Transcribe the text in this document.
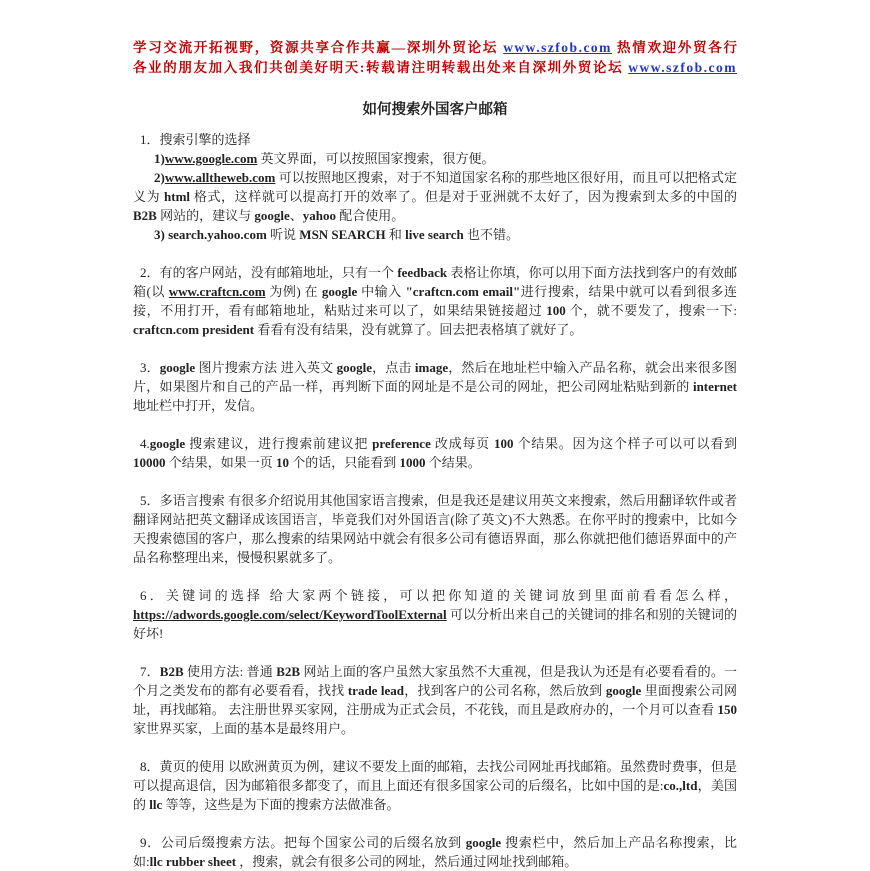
学习交流开拓视野，资源共享合作共赢—深圳外贸论坛 www.szfob.com 热情欢迎外贸各行

各业的朋友加入我们共创美好明天:转载请注明转载出处来自深圳外贸论坛 www.szfob.com

如何搜索外国客户邮箱

1．搜索引擎的选择

1)www.google.com 英文界面，可以按照国家搜索，很方便。

2)www.alltheweb.com 可以按照地区搜索，对于不知道国家名称的那些地区很好用，而且可以把格式定义为 html 格式，这样就可以提高打开的效率了。但是对于亚洲就不太好了，因为搜索到太多的中国的 B2B 网站的，建议与 google、yahoo 配合使用。

3) search.yahoo.com 听说 MSN SEARCH 和 live search 也不错。

2．有的客户网站，没有邮箱地址，只有一个 feedback 表格让你填，你可以用下面方法找到客户的有效邮箱(以 www.craftcn.com 为例) 在 google 中输入 "craftcn.com email"进行搜索，结果中就可以看到很多连接，不用打开，看有邮箱地址，粘贴过来可以了，如果结果链接超过 100 个，就不要发了，搜索一下: craftcn.com president 看看有没有结果，没有就算了。回去把表格填了就好了。

3．google 图片搜索方法 进入英文 google，点击 image，然后在地址栏中输入产品名称，就会出来很多图片，如果图片和自己的产品一样，再判断下面的网址是不是公司的网址，把公司网址粘贴到新的 internet 地址栏中打开，发信。

4.google 搜索建议，进行搜索前建议把 preference 改成每页 100 个结果。因为这个样子可以可以看到 10000 个结果，如果一页 10 个的话，只能看到 1000 个结果。

5．多语言搜索 有很多介绍说用其他国家语言搜索，但是我还是建议用英文来搜索，然后用翻译软件或者翻译网站把英文翻译成该国语言，毕竟我们对外国语言(除了英文)不大熟悉。在你平时的搜索中，比如今天搜索德国的客户，那么搜索的结果网站中就会有很多公司有德语界面，那么你就把他们德语界面中的产品名称整理出来，慢慢积累就多了。

6．关键词的选择 给大家两个链接，可以把你知道的关键词放到里面前看看怎么样，https://adwords.google.com/select/KeywordToolExternal 可以分析出来自己的关键词的排名和别的关键词的好坏!

7．B2B 使用方法: 普通 B2B 网站上面的客户虽然大家虽然不大重视，但是我认为还是有必要看看的。一个月之类发布的都有必要看看，找找 trade lead，找到客户的公司名称，然后放到 google 里面搜索公司网址，再找邮箱。 去注册世界买家网，注册成为正式会员，不花钱，而且是政府办的，一个月可以查看 150 家世界买家，上面的基本是最终用户。

8．黄页的使用 以欧洲黄页为例，建议不要发上面的邮箱，去找公司网址再找邮箱。虽然费时费事，但是可以提高退信，因为邮箱很多都变了，而且上面还有很多国家公司的后缀名，比如中国的是:co.,ltd，美国的 llc 等等，这些是为下面的搜索方法做准备。

9．公司后缀搜索方法。把每个国家公司的后缀名放到 google 搜索栏中，然后加上产品名称搜索，比如:llc rubber sheet ，搜索，就会有很多公司的网址，然后通过网址找到邮箱。
